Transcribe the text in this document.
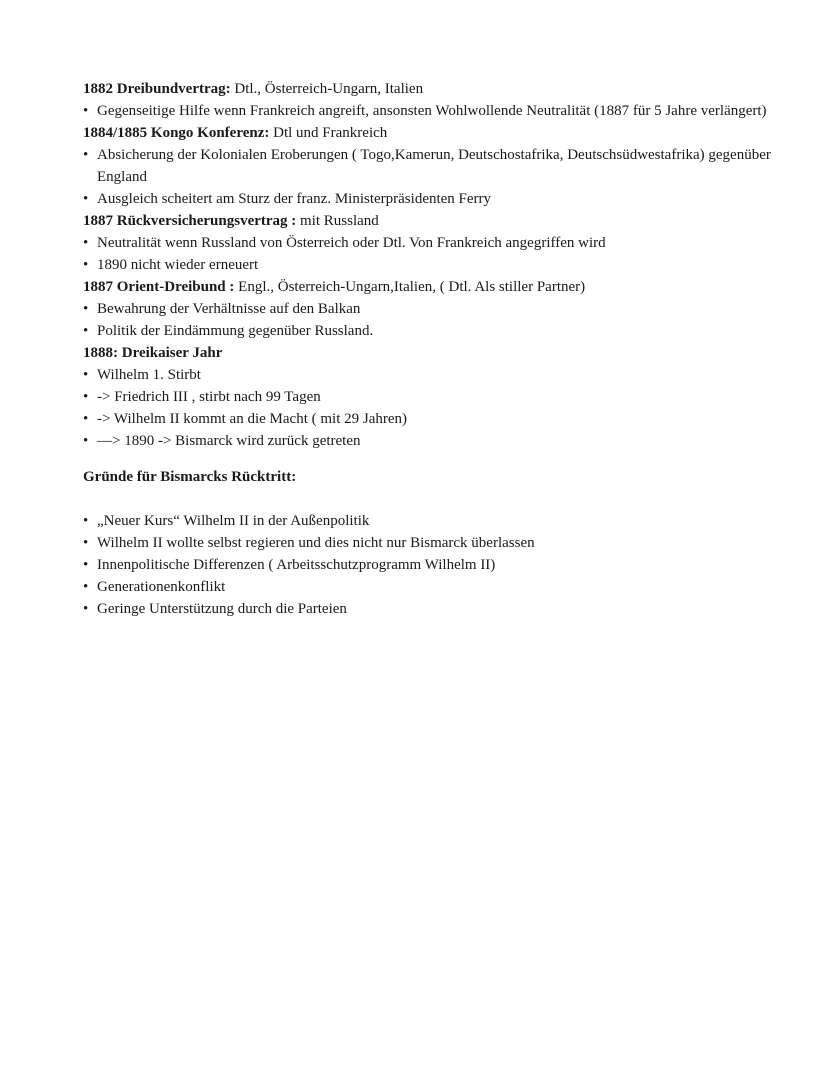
1882 Dreibundvertrag: Dtl., Österreich-Ungarn, Italien

• Gegenseitige Hilfe wenn Frankreich angreift, ansonsten Wohlwollende Neutralität (1887 für 5 Jahre verlängert)

1884/1885 Kongo Konferenz: Dtl und Frankreich

• Absicherung der Kolonialen Eroberungen ( Togo,Kamerun, Deutschostafrika, Deutschsüdwestafrika) gegenüber England
• Ausgleich scheitert am Sturz der franz. Ministerpräsidenten Ferry

1887 Rückversicherungsvertrag : mit Russland

• Neutralität wenn Russland von Österreich oder Dtl. Von Frankreich angegriffen wird
• 1890 nicht wieder erneuert

1887 Orient-Dreibund : Engl., Österreich-Ungarn,Italien, ( Dtl. Als stiller Partner)

• Bewahrung der Verhältnisse auf den Balkan
• Politik der Eindämmung gegenüber Russland.

1888: Dreikaiser Jahr

• Wilhelm 1. Stirbt
• -> Friedrich III , stirbt nach 99 Tagen
• -> Wilhelm II kommt an die Macht ( mit 29 Jahren)
• —> 1890 -> Bismarck wird zurück getreten

Gründe für Bismarcks Rücktritt:

• „Neuer Kurs“ Wilhelm II in der Außenpolitik
• Wilhelm II wollte selbst regieren und dies nicht nur Bismarck überlassen
• Innenpolitische Differenzen ( Arbeitsschutzprogramm Wilhelm II)
• Generationenkonflikt
• Geringe Unterstützung durch die Parteien
